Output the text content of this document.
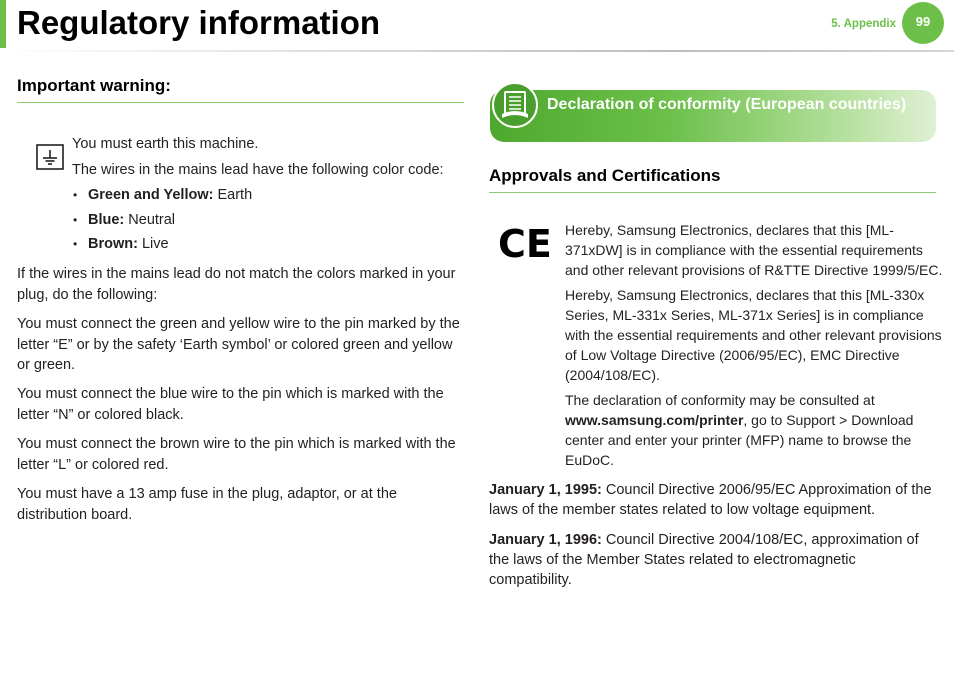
Regulatory information	5. Appendix	99
Important warning:

You must earth this machine.

The wires in the mains lead have the following color code:

• Green and Yellow: Earth
• Blue: Neutral
• Brown: Live

If the wires in the mains lead do not match the colors marked in your plug, do the following:

You must connect the green and yellow wire to the pin marked by the letter “E” or by the safety ‘Earth symbol’ or colored green and yellow or green.

You must connect the blue wire to the pin which is marked with the letter “N” or colored black.

You must connect the brown wire to the pin which is marked with the letter “L” or colored red.

You must have a 13 amp fuse in the plug, adaptor, or at the distribution board.

Declaration of conformity (European countries)

Approvals and Certifications
CE Hereby, Samsung Electronics, declares that this [ML-371xDW] is in compliance with the essential requirements and other relevant provisions of R&TTE Directive 1999/5/EC.

Hereby, Samsung Electronics, declares that this [ML-330x Series, ML-331x Series, ML-371x Series] is in compliance with the essential requirements and other relevant provisions of Low Voltage Directive (2006/95/EC), EMC Directive (2004/108/EC).

The declaration of conformity may be consulted at www.samsung.com/printer, go to Support > Download center and enter your printer (MFP) name to browse the EuDoC.

January 1, 1995: Council Directive 2006/95/EC Approximation of the laws of the member states related to low voltage equipment.

January 1, 1996: Council Directive 2004/108/EC, approximation of the laws of the Member States related to electromagnetic compatibility.
